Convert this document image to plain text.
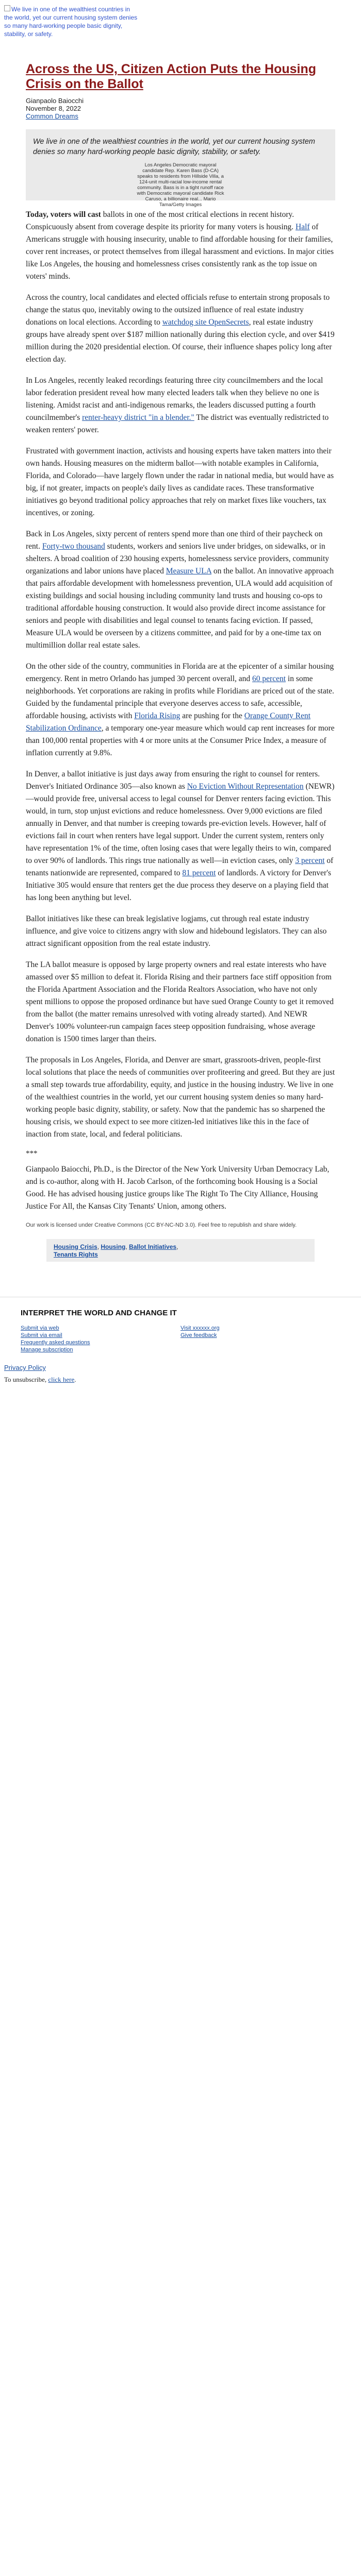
We live in one of the wealthiest countries in the world, yet our current housing system denies so many hard-working people basic dignity, stability, or safety.
Across the US, Citizen Action Puts the Housing Crisis on the Ballot
Gianpaolo Baiocchi
November 8, 2022
Common Dreams

We live in one of the wealthiest countries in the world, yet our current housing system denies so many hard-working people basic dignity, stability, or safety.

Los Angeles Democratic mayoral candidate Rep. Karen Bass (D-CA) speaks to residents from Hillside Villa, a 124-unit multi-racial low-income rental community. Bass is in a tight runoff race with Democratic mayoral candidate Rick Caruso, a billionaire real... Mario Tama/Getty Images

Today, voters will cast ballots in one of the most critical elections in recent history. Conspicuously absent from coverage despite its priority for many voters is housing. Half of Americans struggle with housing insecurity, unable to find affordable housing for their families, cover rent increases, or protect themselves from illegal harassment and evictions. In major cities like Los Angeles, the housing and homelessness crises consistently rank as the top issue on voters' minds.

Across the country, local candidates and elected officials refuse to entertain strong proposals to change the status quo, inevitably owing to the outsized influence of real estate industry donations on local elections. According to watchdog site OpenSecrets, real estate industry groups have already spent over $187 million nationally during this election cycle, and over $419 million during the 2020 presidential election. Of course, their influence shapes policy long after election day.

In Los Angeles, recently leaked recordings featuring three city councilmembers and the local labor federation president reveal how many elected leaders talk when they believe no one is listening. Amidst racist and anti-indigenous remarks, the leaders discussed putting a fourth councilmember's renter-heavy district "in a blender." The district was eventually redistricted to weaken renters' power.

Frustrated with government inaction, activists and housing experts have taken matters into their own hands. Housing measures on the midterm ballot—with notable examples in California, Florida, and Colorado—have largely flown under the radar in national media, but would have as big, if not greater, impacts on people's daily lives as candidate races. These transformative initiatives go beyond traditional policy approaches that rely on market fixes like vouchers, tax incentives, or zoning.

Back in Los Angeles, sixty percent of renters spend more than one third of their paycheck on rent. Forty-two thousand students, workers and seniors live under bridges, on sidewalks, or in shelters. A broad coalition of 230 housing experts, homelessness service providers, community organizations and labor unions have placed Measure ULA on the ballot. An innovative approach that pairs affordable development with homelessness prevention, ULA would add acquisition of existing buildings and social housing including community land trusts and housing co-ops to traditional affordable housing construction. It would also provide direct income assistance for seniors and people with disabilities and legal counsel to tenants facing eviction. If passed, Measure ULA would be overseen by a citizens committee, and paid for by a one-time tax on multimillion dollar real estate sales.

On the other side of the country, communities in Florida are at the epicenter of a similar housing emergency. Rent in metro Orlando has jumped 30 percent overall, and 60 percent in some neighborhoods. Yet corporations are raking in profits while Floridians are priced out of the state. Guided by the fundamental principle that everyone deserves access to safe, accessible, affordable housing, activists with Florida Rising are pushing for the Orange County Rent Stabilization Ordinance, a temporary one-year measure which would cap rent increases for more than 100,000 rental properties with 4 or more units at the Consumer Price Index, a measure of inflation currently at 9.8%.

In Denver, a ballot initiative is just days away from ensuring the right to counsel for renters. Denver's Initiated Ordinance 305—also known as No Eviction Without Representation (NEWR)—would provide free, universal access to legal counsel for Denver renters facing eviction. This would, in turn, stop unjust evictions and reduce homelessness. Over 9,000 evictions are filed annually in Denver, and that number is creeping towards pre-eviction levels. However, half of evictions fail in court when renters have legal support. Under the current system, renters only have representation 1% of the time, often losing cases that were legally theirs to win, compared to over 90% of landlords. This rings true nationally as well—in eviction cases, only 3 percent of tenants nationwide are represented, compared to 81 percent of landlords. A victory for Denver's Initiative 305 would ensure that renters get the due process they deserve on a playing field that has long been anything but level.

Ballot initiatives like these can break legislative logjams, cut through real estate industry influence, and give voice to citizens angry with slow and hidebound legislators. They can also attract significant opposition from the real estate industry.

The LA ballot measure is opposed by large property owners and real estate interests who have amassed over $5 million to defeat it. Florida Rising and their partners face stiff opposition from the Florida Apartment Association and the Florida Realtors Association, who have not only spent millions to oppose the proposed ordinance but have sued Orange County to get it removed from the ballot (the matter remains unresolved with voting already started). And NEWR Denver's 100% volunteer-run campaign faces steep opposition fundraising, whose average donation is 1500 times larger than theirs.

The proposals in Los Angeles, Florida, and Denver are smart, grassroots-driven, people-first local solutions that place the needs of communities over profiteering and greed. But they are just a small step towards true affordability, equity, and justice in the housing industry. We live in one of the wealthiest countries in the world, yet our current housing system denies so many hard-working people basic dignity, stability, or safety. Now that the pandemic has so sharpened the housing crisis, we should expect to see more citizen-led initiatives like this in the face of inaction from state, local, and federal politicians.

***

Gianpaolo Baiocchi, Ph.D., is the Director of the New York University Urban Democracy Lab, and is co-author, along with H. Jacob Carlson, of the forthcoming book Housing is a Social Good. He has advised housing justice groups like The Right To The City Alliance, Housing Justice For All, the Kansas City Tenants' Union, among others.

Our work is licensed under Creative Commons (CC BY-NC-ND 3.0). Feel free to republish and share widely.
Housing Crisis, Housing, Ballot Initiatives,
Tenants Rights
INTERPRET THE WORLD AND CHANGE IT
Submit via web
Submit via email
Frequently asked questions
Manage subscription
Visit xxxxxx.org
Give feedback
Privacy Policy
To unsubscribe, click here.
